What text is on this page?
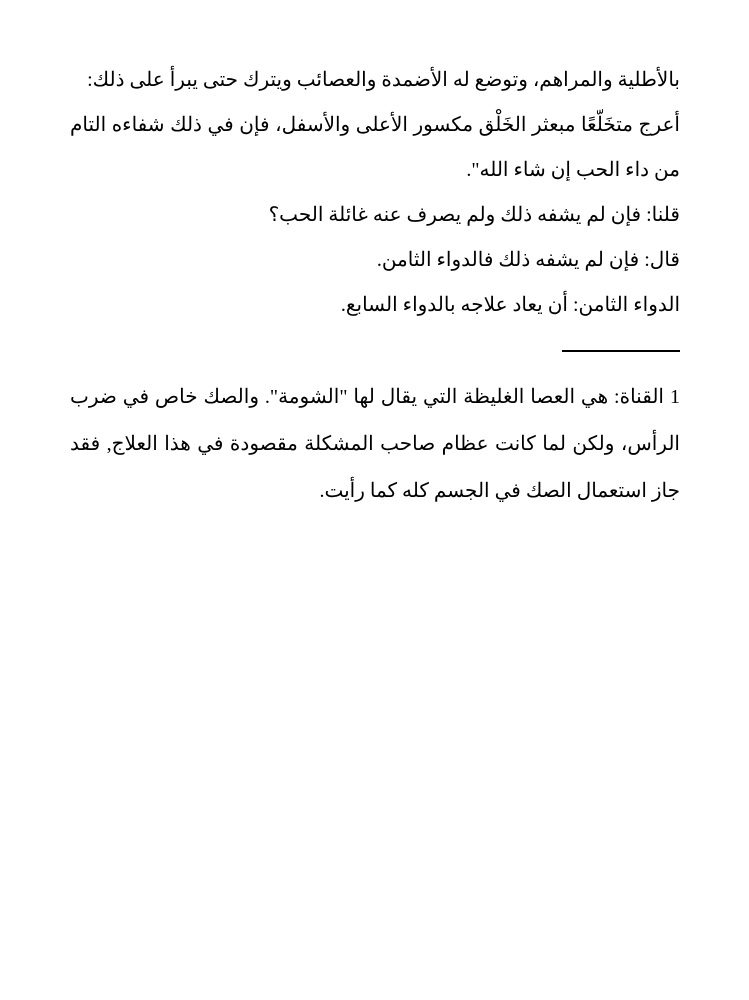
بالأطلية والمراهم، وتوضع له الأضمدة والعصائب ويترك حتى يبرأ على ذلك:

أعرج متخَلّعًا مبعثر الخَلْق مكسور الأعلى والأسفل، فإن في ذلك شفاءه التام من داء الحب إن شاء الله".

قلنا: فإن لم يشفه ذلك ولم يصرف عنه غائلة الحب؟

قال: فإن لم يشفه ذلك فالدواء الثامن.

الدواء الثامن: أن يعاد علاجه بالدواء السابع.

1القناة: هي العصا الغليظة التي يقال لها "الشومة". والصك خاص في ضرب الرأس، ولكن لما كانت عظام صاحب المشكلة مقصودة في هذا العلاج, فقد جاز استعمال الصك في الجسم كله كما رأيت.
